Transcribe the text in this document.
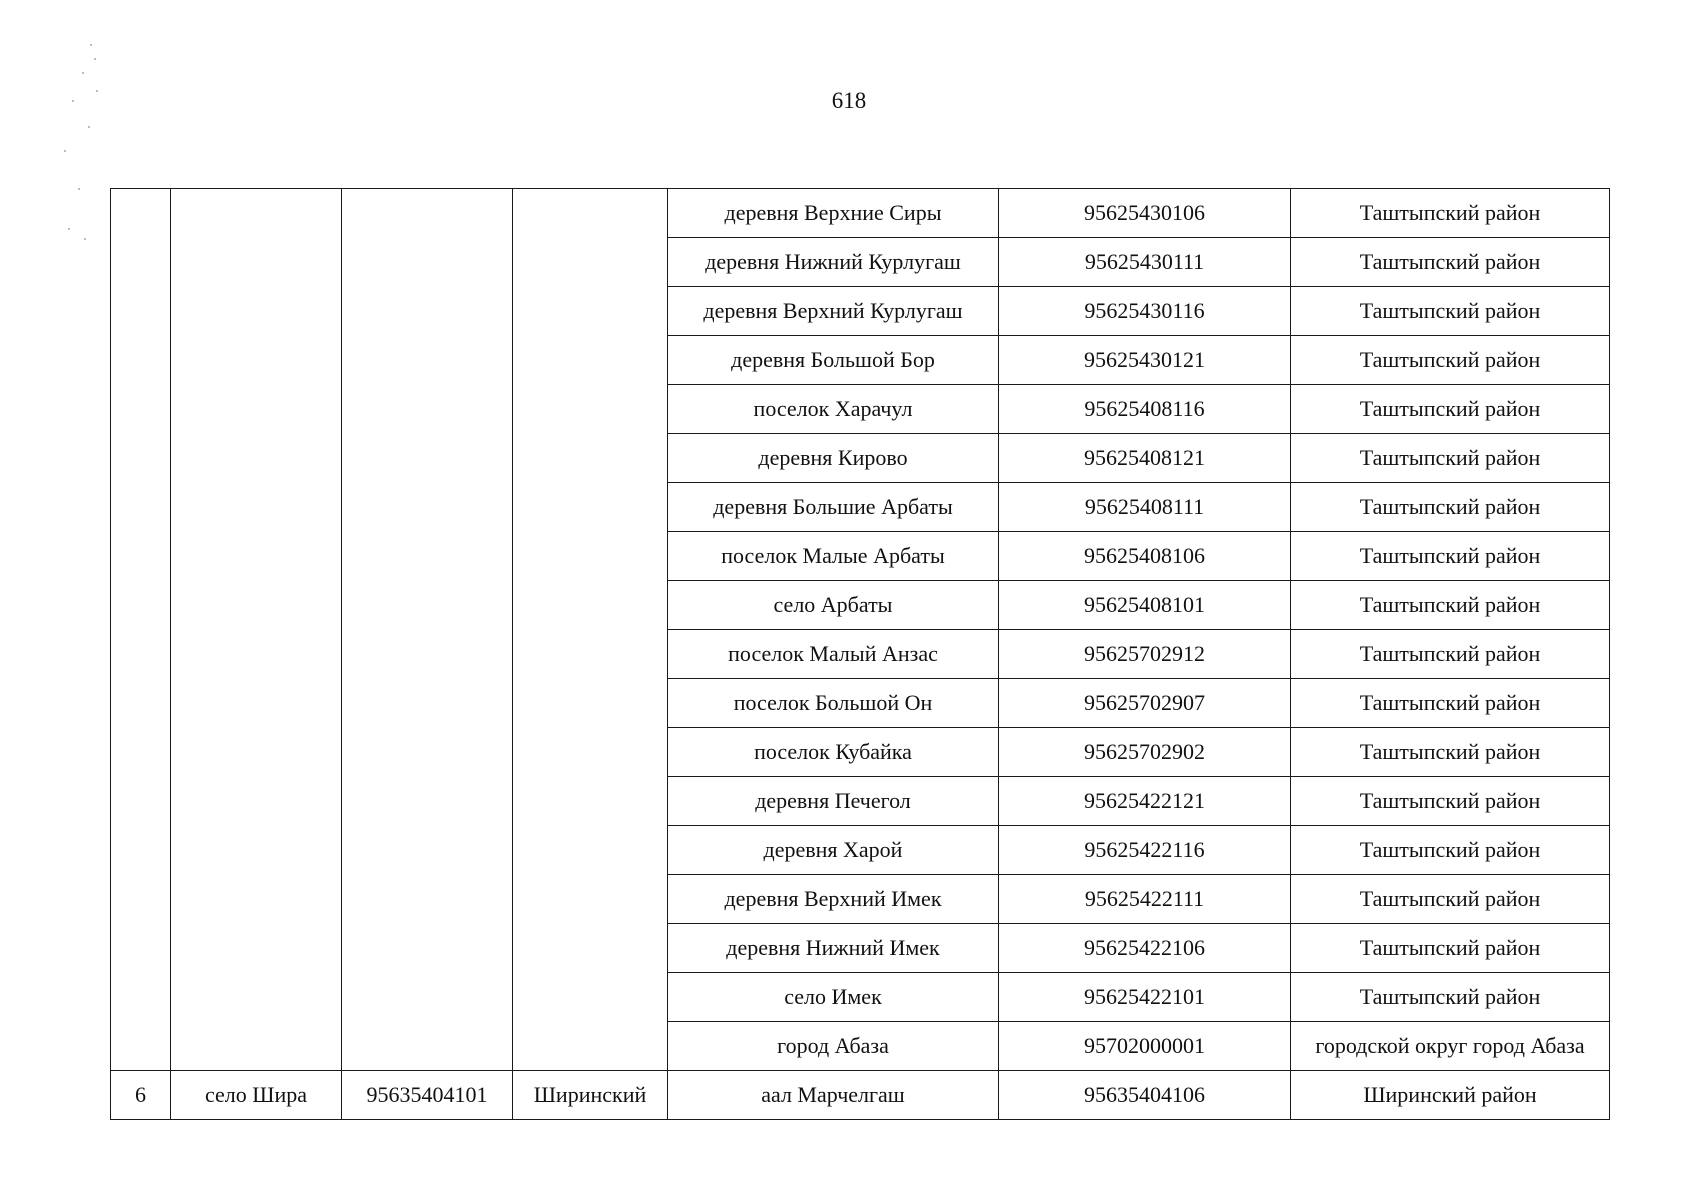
618
				деревня Верхние Сиры	95625430106	Таштыпский район
				деревня Нижний Курлугаш	95625430111	Таштыпский район
				деревня Верхний Курлугаш	95625430116	Таштыпский район
				деревня Большой Бор	95625430121	Таштыпский район
				поселок Харачул	95625408116	Таштыпский район
				деревня Кирово	95625408121	Таштыпский район
				деревня Большие Арбаты	95625408111	Таштыпский район
				поселок Малые Арбаты	95625408106	Таштыпский район
				село Арбаты	95625408101	Таштыпский район
				поселок Малый Анзас	95625702912	Таштыпский район
				поселок Большой Он	95625702907	Таштыпский район
				поселок Кубайка	95625702902	Таштыпский район
				деревня Печегол	95625422121	Таштыпский район
				деревня Харой	95625422116	Таштыпский район
				деревня Верхний Имек	95625422111	Таштыпский район
				деревня Нижний Имек	95625422106	Таштыпский район
				село Имек	95625422101	Таштыпский район
				город Абаза	95702000001	городской округ город Абаза
6	село Шира	95635404101	Ширинский	аал Марчелгаш	95635404106	Ширинский район
